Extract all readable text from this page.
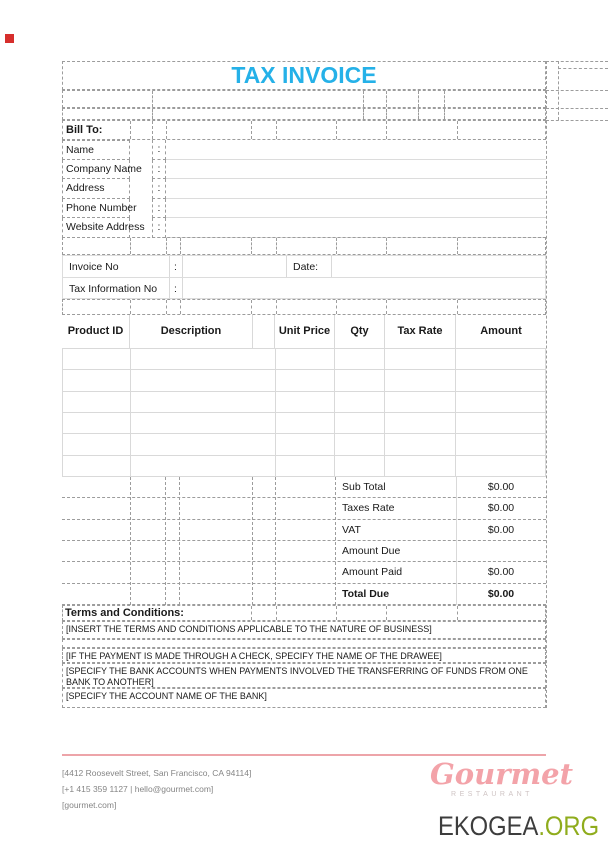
TAX INVOICE
Bill To:
Name	:
Company Name	:
Address	:
Phone Number	:
Website Address	:
Invoice No	:	Date:
Tax Information No	:
Product ID	Description	Unit Price	Qty	Tax Rate	Amount
Sub Total	$0.00
Taxes Rate	$0.00
VAT	$0.00
Amount Due
Amount Paid	$0.00
Total Due	$0.00
Terms and Conditions:
[INSERT THE TERMS AND CONDITIONS APPLICABLE TO THE NATURE OF BUSINESS]
[IF THE PAYMENT IS MADE THROUGH A CHECK, SPECIFY THE NAME OF THE DRAWEE]
[SPECIFY THE BANK ACCOUNTS WHEN PAYMENTS INVOLVED THE TRANSFERRING OF FUNDS FROM ONE BANK TO ANOTHER]
[SPECIFY THE ACCOUNT NAME OF THE BANK]
[4412 Roosevelt Street, San Francisco, CA 94114]
[+1 415 359 1127 | hello@gourmet.com]
[gourmet.com]
Gourmet
RESTAURANT
EKOGEA.ORG
